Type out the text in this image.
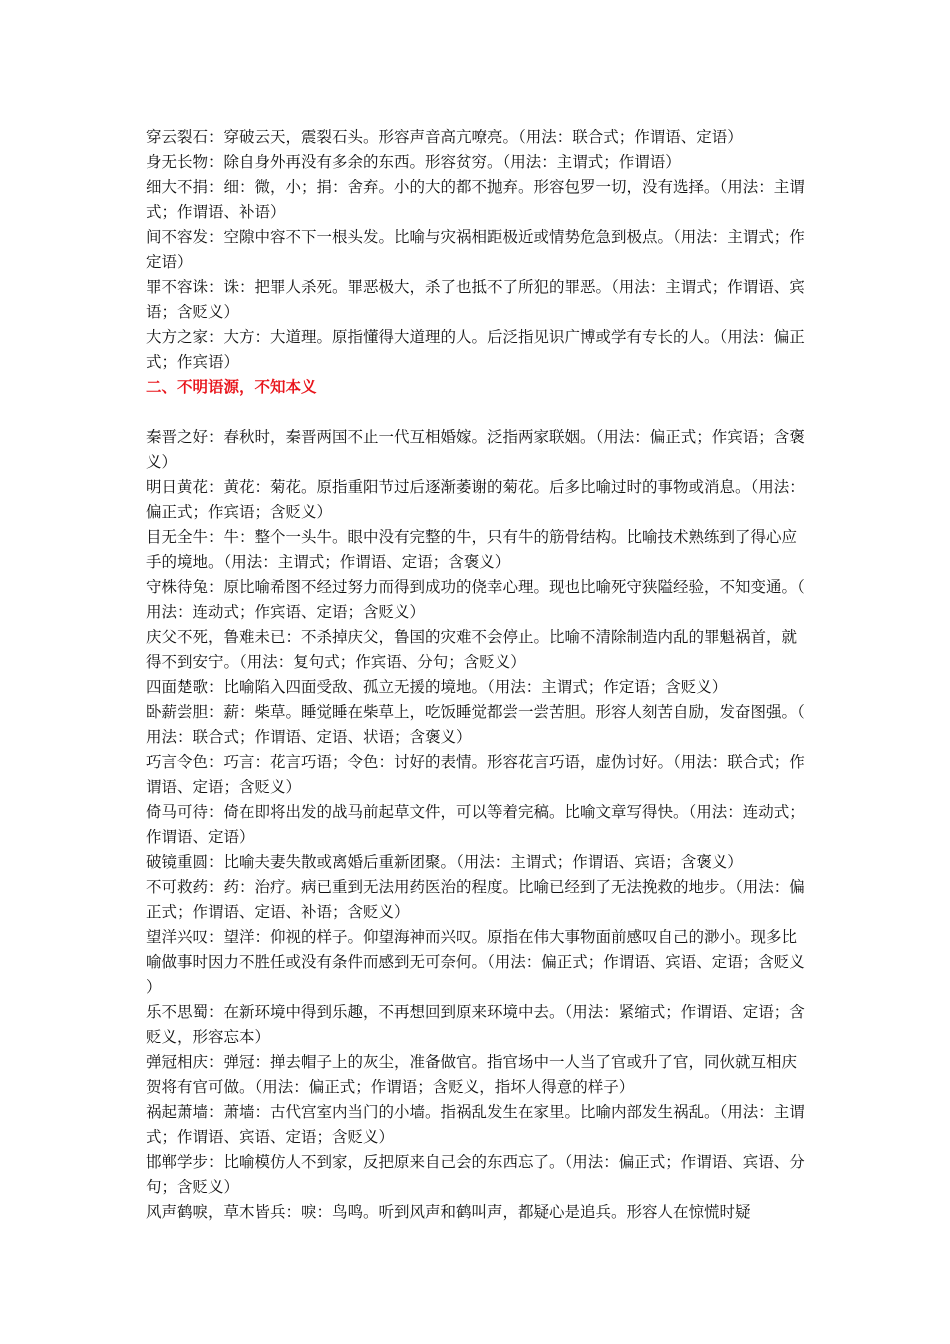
穿云裂石：穿破云天，震裂石头。形容声音高亢嘹亮。（用法：联合式；作谓语、定语）

身无长物：除自身外再没有多余的东西。形容贫穷。（用法：主谓式；作谓语）

细大不捐：细：微，小；捐：舍弃。小的大的都不抛弃。形容包罗一切，没有选择。（用法：主谓式；作谓语、补语）

间不容发：空隙中容不下一根头发。比喻与灾祸相距极近或情势危急到极点。（用法：主谓式；作定语）

罪不容诛：诛：把罪人杀死。罪恶极大，杀了也抵不了所犯的罪恶。（用法：主谓式；作谓语、宾语；含贬义）

大方之家：大方：大道理。原指懂得大道理的人。后泛指见识广博或学有专长的人。（用法：偏正式；作宾语）

二、不明语源，不知本义

秦晋之好：春秋时，秦晋两国不止一代互相婚嫁。泛指两家联姻。（用法：偏正式；作宾语；含褒义）

明日黄花：黄花：菊花。原指重阳节过后逐渐萎谢的菊花。后多比喻过时的事物或消息。（用法：偏正式；作宾语；含贬义）

目无全牛：牛：整个一头牛。眼中没有完整的牛，只有牛的筋骨结构。比喻技术熟练到了得心应手的境地。（用法：主谓式；作谓语、定语；含褒义）

守株待兔：原比喻希图不经过努力而得到成功的侥幸心理。现也比喻死守狭隘经验，不知变通。（用法：连动式；作宾语、定语；含贬义）

庆父不死，鲁难未已：不杀掉庆父，鲁国的灾难不会停止。比喻不清除制造内乱的罪魁祸首，就得不到安宁。（用法：复句式；作宾语、分句；含贬义）

四面楚歌：比喻陷入四面受敌、孤立无援的境地。（用法：主谓式；作定语；含贬义）

卧薪尝胆：薪：柴草。睡觉睡在柴草上，吃饭睡觉都尝一尝苦胆。形容人刻苦自励，发奋图强。（用法：联合式；作谓语、定语、状语；含褒义）

巧言令色：巧言：花言巧语；令色：讨好的表情。形容花言巧语，虚伪讨好。（用法：联合式；作谓语、定语；含贬义）

倚马可待：倚在即将出发的战马前起草文件，可以等着完稿。比喻文章写得快。（用法：连动式；作谓语、定语）

破镜重圆：比喻夫妻失散或离婚后重新团聚。（用法：主谓式；作谓语、宾语；含褒义）

不可救药：药：治疗。病已重到无法用药医治的程度。比喻已经到了无法挽救的地步。（用法：偏正式；作谓语、定语、补语；含贬义）

望洋兴叹：望洋：仰视的样子。仰望海神而兴叹。原指在伟大事物面前感叹自己的渺小。现多比喻做事时因力不胜任或没有条件而感到无可奈何。（用法：偏正式；作谓语、宾语、定语；含贬义）

乐不思蜀：在新环境中得到乐趣，不再想回到原来环境中去。（用法：紧缩式；作谓语、定语；含贬义，形容忘本）

弹冠相庆：弹冠：掸去帽子上的灰尘，准备做官。指官场中一人当了官或升了官，同伙就互相庆贺将有官可做。（用法：偏正式；作谓语；含贬义，指坏人得意的样子）

祸起萧墙：萧墙：古代宫室内当门的小墙。指祸乱发生在家里。比喻内部发生祸乱。（用法：主谓式；作谓语、宾语、定语；含贬义）

邯郸学步：比喻模仿人不到家，反把原来自己会的东西忘了。（用法：偏正式；作谓语、宾语、分句；含贬义）

风声鹤唳，草木皆兵：唳：鸟鸣。听到风声和鹤叫声，都疑心是追兵。形容人在惊慌时疑
